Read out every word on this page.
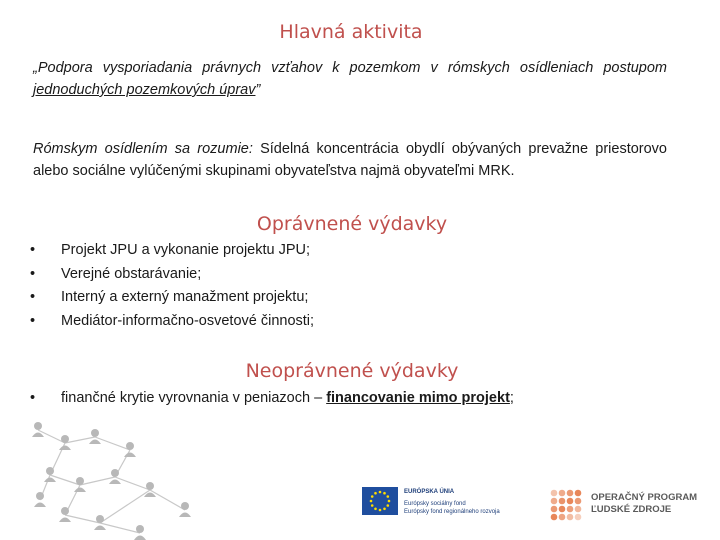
Hlavná aktivita
„Podpora vysporiadania právnych vzťahov k pozemkom v rómskych osídleniach postupom jednoduchých pozemkových úprav”
Rómskym osídlením sa rozumie: Sídelná koncentrácia obydlí obývaných prevažne priestorovo alebo sociálne vylúčenými skupinami obyvateľstva najmä obyvateľmi MRK.
Oprávnené výdavky
• Projekt JPU a vykonanie projektu JPU;
• Verejné obstarávanie;
• Interný a externý manažment projektu;
• Mediátor-informačno-osvetové činnosti;
Neoprávnené výdavky
• finančné krytie vyrovnania v peniazoch – financovanie mimo projekt;
EURÓPSKA ÚNIA
Európsky sociálny fond
Európsky fond regionálneho rozvoja
OPERAČNÝ PROGRAM
ĽUDSKÉ ZDROJE
